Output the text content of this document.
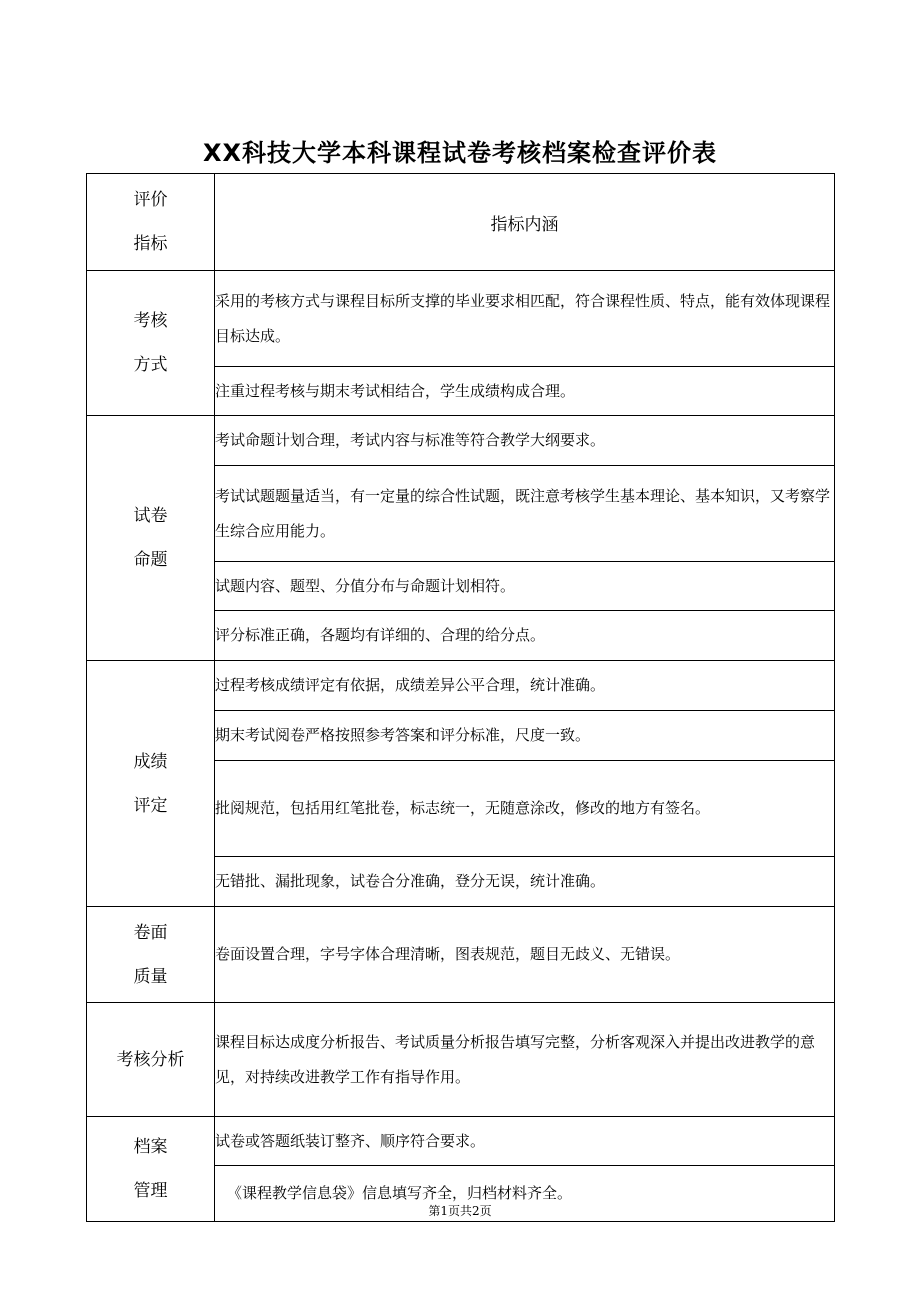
XX科技大学本科课程试卷考核档案检查评价表
评价
指标	指标内涵

考核
方式	采用的考核方式与课程目标所支撑的毕业要求相匹配，符合课程性质、特点，能有效体现课程目标达成。
	注重过程考核与期末考试相结合，学生成绩构成合理。

试卷
命题	考试命题计划合理，考试内容与标准等符合教学大纲要求。
	考试试题题量适当，有一定量的综合性试题，既注意考核学生基本理论、基本知识，又考察学生综合应用能力。
	试题内容、题型、分值分布与命题计划相符。
	评分标准正确，各题均有详细的、合理的给分点。

成绩
评定	过程考核成绩评定有依据，成绩差异公平合理，统计准确。
	期末考试阅卷严格按照参考答案和评分标准，尺度一致。
	批阅规范，包括用红笔批卷，标志统一，无随意涂改，修改的地方有签名。
	无错批、漏批现象，试卷合分准确，登分无误，统计准确。

卷面
质量	卷面设置合理，字号字体合理清晰，图表规范，题目无歧义、无错误。

考核分析	课程目标达成度分析报告、考试质量分析报告填写完整，分析客观深入并提出改进教学的意见，对持续改进教学工作有指导作用。

档案
管理	试卷或答题纸装订整齐、顺序符合要求。
	《课程教学信息袋》信息填写齐全，归档材料齐全。
第1页共2页
